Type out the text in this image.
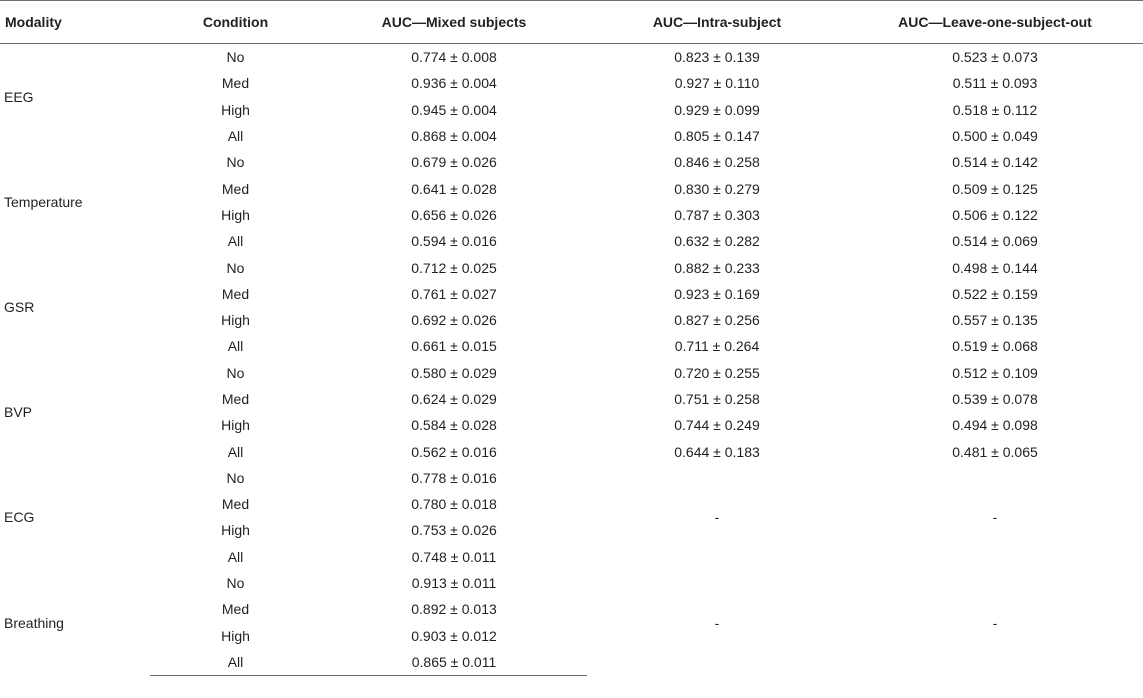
Modality	Condition	AUC—Mixed subjects	AUC—Intra-subject	AUC—Leave-one-subject-out
EEG	No	0.774 ± 0.008	0.823 ± 0.139	0.523 ± 0.073
	Med	0.936 ± 0.004	0.927 ± 0.110	0.511 ± 0.093
	High	0.945 ± 0.004	0.929 ± 0.099	0.518 ± 0.112
	All	0.868 ± 0.004	0.805 ± 0.147	0.500 ± 0.049
Temperature	No	0.679 ± 0.026	0.846 ± 0.258	0.514 ± 0.142
	Med	0.641 ± 0.028	0.830 ± 0.279	0.509 ± 0.125
	High	0.656 ± 0.026	0.787 ± 0.303	0.506 ± 0.122
	All	0.594 ± 0.016	0.632 ± 0.282	0.514 ± 0.069
GSR	No	0.712 ± 0.025	0.882 ± 0.233	0.498 ± 0.144
	Med	0.761 ± 0.027	0.923 ± 0.169	0.522 ± 0.159
	High	0.692 ± 0.026	0.827 ± 0.256	0.557 ± 0.135
	All	0.661 ± 0.015	0.711 ± 0.264	0.519 ± 0.068
BVP	No	0.580 ± 0.029	0.720 ± 0.255	0.512 ± 0.109
	Med	0.624 ± 0.029	0.751 ± 0.258	0.539 ± 0.078
	High	0.584 ± 0.028	0.744 ± 0.249	0.494 ± 0.098
	All	0.562 ± 0.016	0.644 ± 0.183	0.481 ± 0.065
ECG	No	0.778 ± 0.016	-	-
	Med	0.780 ± 0.018		
	High	0.753 ± 0.026		
	All	0.748 ± 0.011		
Breathing	No	0.913 ± 0.011	-	-
	Med	0.892 ± 0.013		
	High	0.903 ± 0.012		
	All	0.865 ± 0.011		
